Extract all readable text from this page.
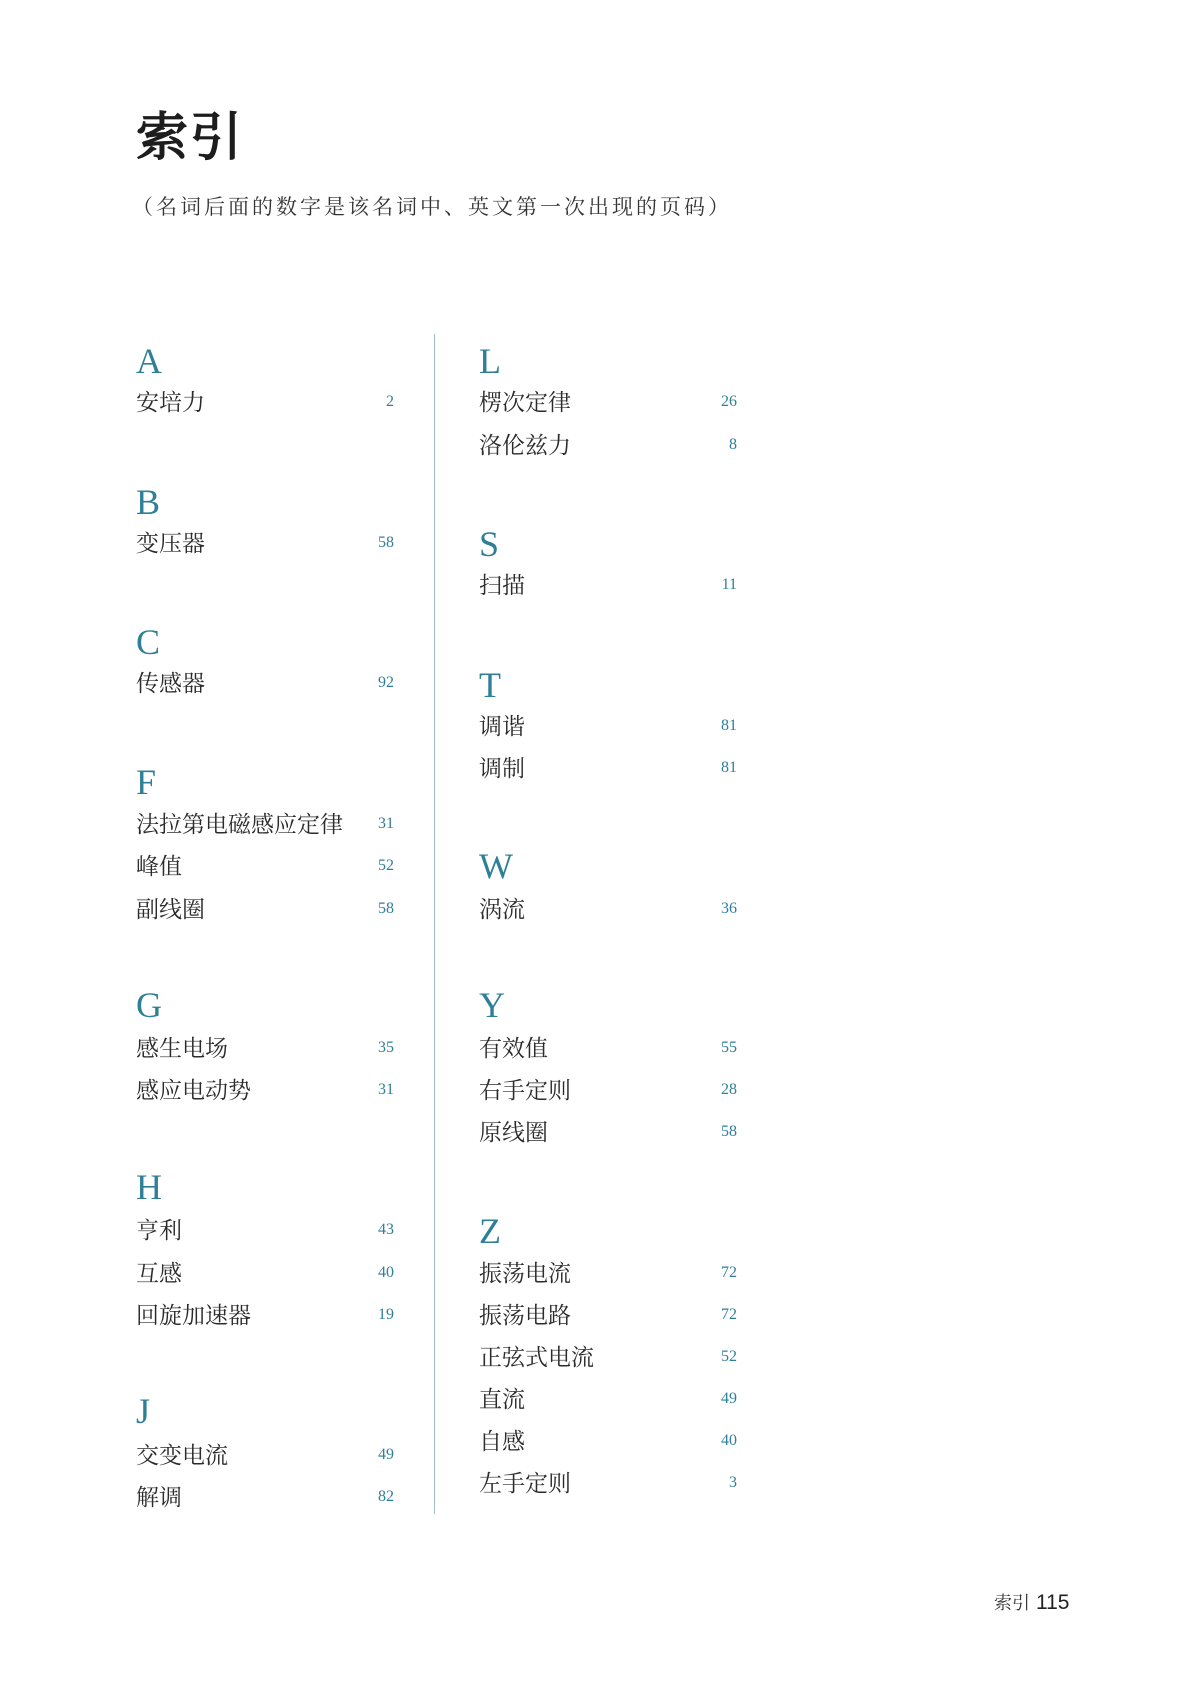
索引
（名词后面的数字是该名词中、英文第一次出现的页码）
A
安培力	2
B
变压器	58
C
传感器	92
F
法拉第电磁感应定律 31
峰值	52
副线圈	58
G
感生电场	35
感应电动势	31
H
亨利	43
互感	40
回旋加速器	19
J
交变电流	49
解调	82
L
楞次定律	26
洛伦兹力	8
S
扫描	11
T
调谐	81
调制	81
W
涡流	36
Y
有效值	55
右手定则	28
原线圈	58
Z
振荡电流	72
振荡电路	72
正弦式电流	52
直流	49
自感	40
左手定则	3
索引 115
